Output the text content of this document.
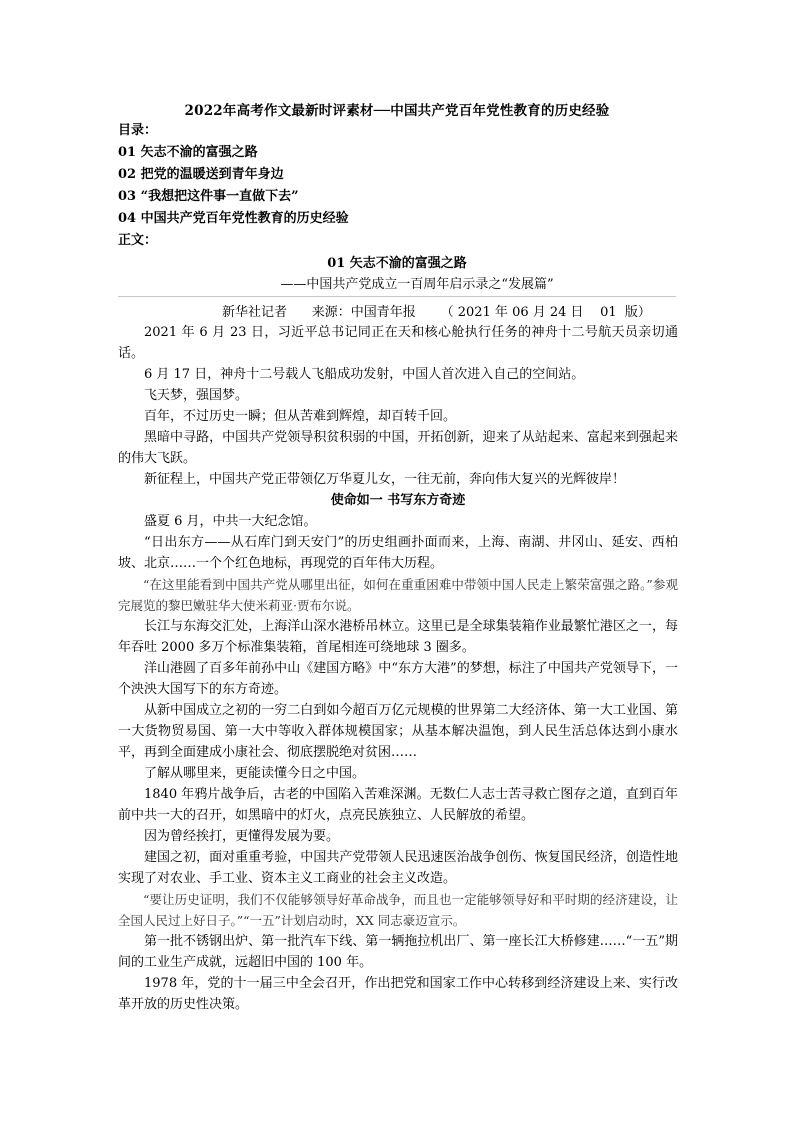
2022年高考作文最新时评素材──中国共产党百年党性教育的历史经验
目录：
01 矢志不渝的富强之路
02 把党的温暖送到青年身边
03 “我想把这件事一直做下去”
04 中国共产党百年党性教育的历史经验
正文：
01 矢志不渝的富强之路
——中国共产党成立一百周年启示录之“发展篇”
新华社记者      来源：中国青年报      （ 2021 年 06 月 24 日    01  版）

2021 年 6 月 23 日，习近平总书记同正在天和核心舱执行任务的神舟十二号航天员亲切通话。

6 月 17 日，神舟十二号载人飞船成功发射，中国人首次进入自己的空间站。

飞天梦，强国梦。

百年，不过历史一瞬；但从苦难到辉煌，却百转千回。

黑暗中寻路，中国共产党领导积贫积弱的中国，开拓创新，迎来了从站起来、富起来到强起来的伟大飞跃。

新征程上，中国共产党正带领亿万华夏儿女，一往无前，奔向伟大复兴的光辉彼岸！

使命如一 书写东方奇迹

盛夏 6 月，中共一大纪念馆。

“日出东方——从石库门到天安门”的历史组画扑面而来，上海、南湖、井冈山、延安、西柏坡、北京……一个个红色地标，再现党的百年伟大历程。

“在这里能看到中国共产党从哪里出征，如何在重重困难中带领中国人民走上繁荣富强之路。”参观完展览的黎巴嫩驻华大使米莉亚·贾布尔说。

长江与东海交汇处，上海洋山深水港桥吊林立。这里已是全球集装箱作业最繁忙港区之一，每年吞吐 2000 多万个标准集装箱，首尾相连可绕地球 3 圈多。

洋山港圆了百多年前孙中山《建国方略》中“东方大港”的梦想，标注了中国共产党领导下，一个泱泱大国写下的东方奇迹。

从新中国成立之初的一穷二白到如今超百万亿元规模的世界第二大经济体、第一大工业国、第一大货物贸易国、第一大中等收入群体规模国家；从基本解决温饱，到人民生活总体达到小康水平，再到全面建成小康社会、彻底摆脱绝对贫困……

了解从哪里来，更能读懂今日之中国。

1840 年鸦片战争后，古老的中国陷入苦难深渊。无数仁人志士苦寻救亡图存之道，直到百年前中共一大的召开，如黑暗中的灯火，点亮民族独立、人民解放的希望。

因为曾经挨打，更懂得发展为要。

建国之初，面对重重考验，中国共产党带领人民迅速医治战争创伤、恢复国民经济，创造性地实现了对农业、手工业、资本主义工商业的社会主义改造。

“要让历史证明，我们不仅能够领导好革命战争，而且也一定能够领导好和平时期的经济建设，让全国人民过上好日子。”“一五”计划启动时，XX 同志豪迈宣示。

第一批不锈钢出炉、第一批汽车下线、第一辆拖拉机出厂、第一座长江大桥修建……“一五”期间的工业生产成就，远超旧中国的 100 年。

1978 年，党的十一届三中全会召开，作出把党和国家工作中心转移到经济建设上来、实行改革开放的历史性决策。
